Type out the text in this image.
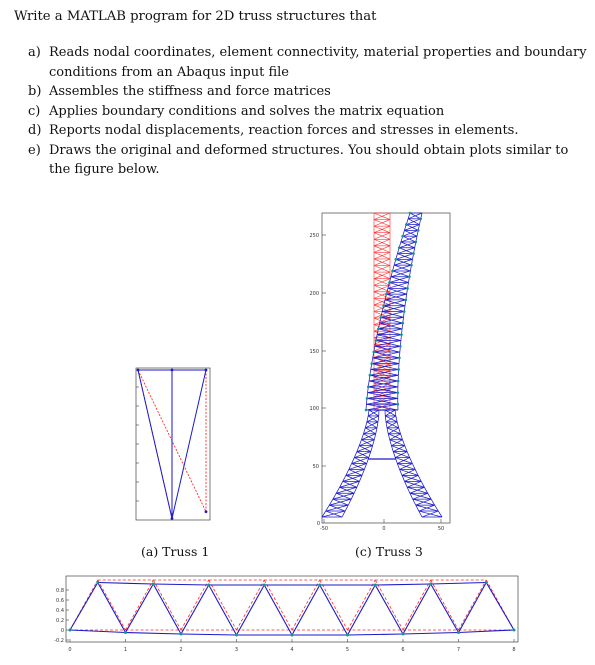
Write a MATLAB program for 2D truss structures that
a) Reads nodal coordinates, element connectivity, material properties and boundary conditions from an Abaqus input file
b) Assembles the stiffness and force matrices
c) Applies boundary conditions and solves the matrix equation
d) Reports nodal displacements, reaction forces and stresses in elements.
e) Draws the original and deformed structures. You should obtain plots similar to the figure below.
(a) Truss 1
250
200
150
100
50
-50	0	50
0
(c) Truss 3
0	1	2	3	4	5	6	7	8
0.8
0.6
0.4
0.2
0
-0.2
